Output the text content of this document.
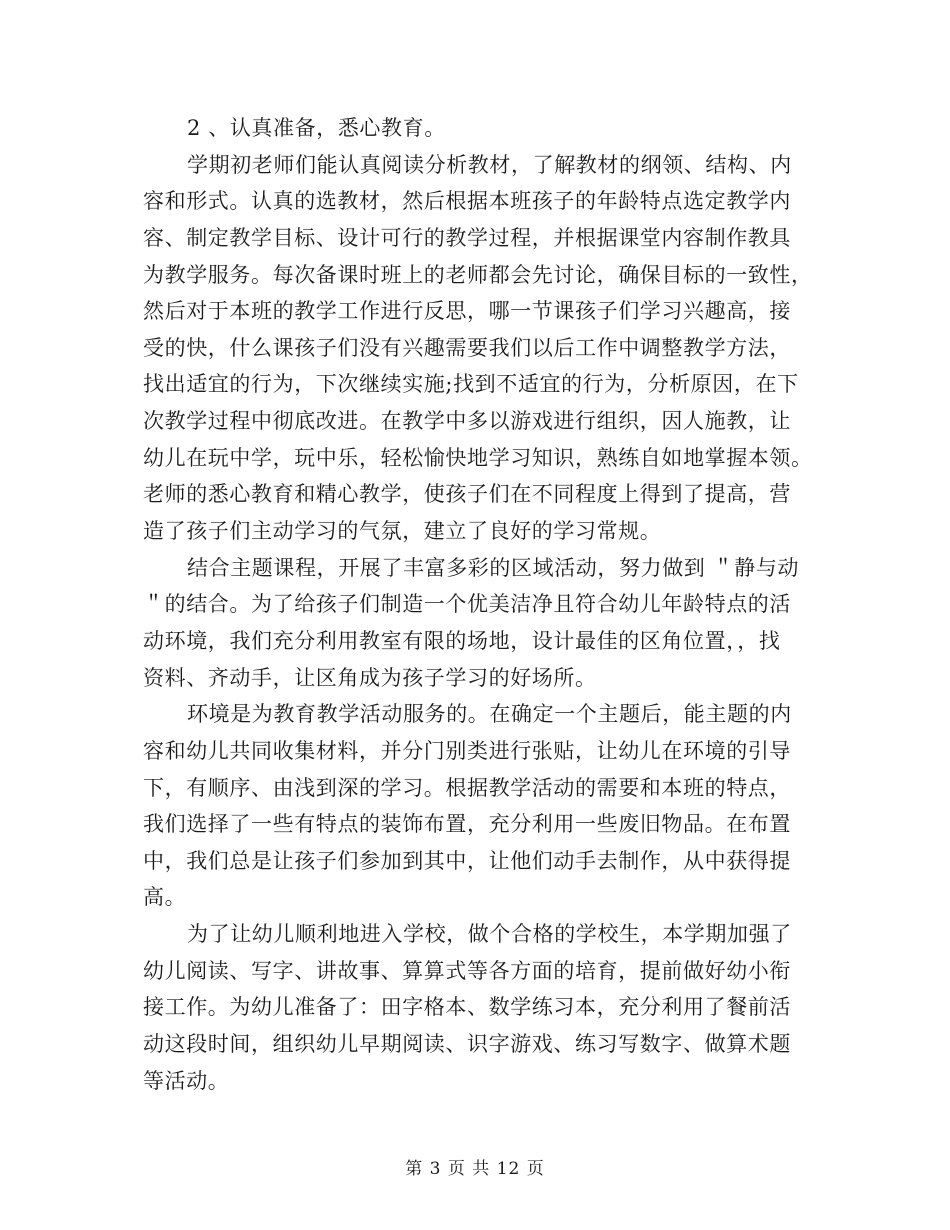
2 、认真准备，悉心教育。
学期初老师们能认真阅读分析教材，了解教材的纲领、结构、内
容和形式。认真的选教材，然后根据本班孩子的年龄特点选定教学内
容、制定教学目标、设计可行的教学过程，并根据课堂内容制作教具
为教学服务。每次备课时班上的老师都会先讨论，确保目标的一致性，
然后对于本班的教学工作进行反思，哪一节课孩子们学习兴趣高，接
受的快，什么课孩子们没有兴趣需要我们以后工作中调整教学方法，
找出适宜的行为，下次继续实施;找到不适宜的行为，分析原因，在下
次教学过程中彻底改进。在教学中多以游戏进行组织，因人施教，让
幼儿在玩中学，玩中乐，轻松愉快地学习知识，熟练自如地掌握本领。
老师的悉心教育和精心教学，使孩子们在不同程度上得到了提高，营
造了孩子们主动学习的气氛，建立了良好的学习常规。
结合主题课程，开展了丰富多彩的区域活动，努力做到 ＂静与动
＂的结合。为了给孩子们制造一个优美洁净且符合幼儿年龄特点的活
动环境，我们充分利用教室有限的场地，设计最佳的区角位置，，找
资料、齐动手，让区角成为孩子学习的好场所。
环境是为教育教学活动服务的。在确定一个主题后，能主题的内
容和幼儿共同收集材料，并分门别类进行张贴，让幼儿在环境的引导
下，有顺序、由浅到深的学习。根据教学活动的需要和本班的特点，
我们选择了一些有特点的装饰布置，充分利用一些废旧物品。在布置
中，我们总是让孩子们参加到其中，让他们动手去制作，从中获得提
高。
为了让幼儿顺利地进入学校，做个合格的学校生，本学期加强了
幼儿阅读、写字、讲故事、算算式等各方面的培育，提前做好幼小衔
接工作。为幼儿准备了：田字格本、数学练习本，充分利用了餐前活
动这段时间，组织幼儿早期阅读、识字游戏、练习写数字、做算术题
等活动。
第 3 页 共 12 页
